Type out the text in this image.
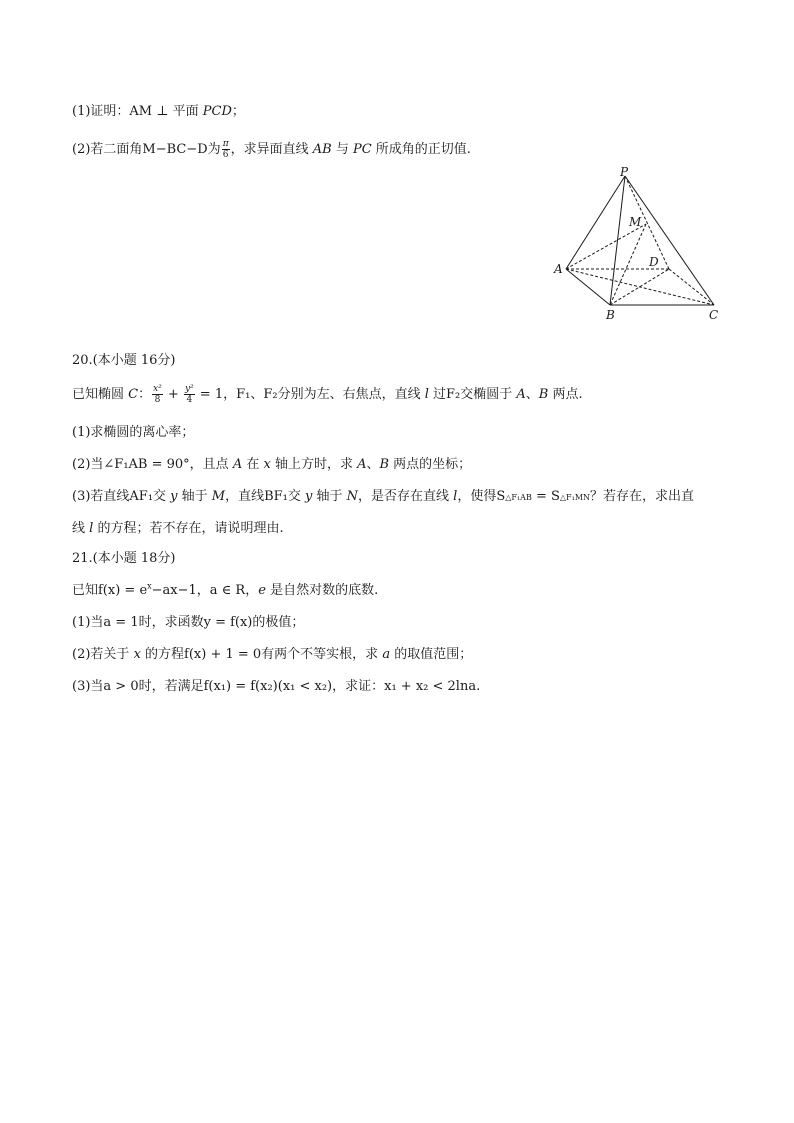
(1)证明：AM ⊥ 平面 PCD；
(2)若二面角M−BC−D为 $\frac{\pi}{6}$ ，求异面直线 AB 与 PC 所成角的正切值.
P
M
D
A
B	C
20.(本小题 16分)
已知椭圆 C： $\frac{\text{x²}}{8} + \frac{\text{y²}}{4} = 1$，F₁、F₂分别为左、右焦点，直线 l 过F₂交椭圆于 A、B 两点.
(1)求椭圆的离心率；
(2)当∠F₁AB = 90°，且点 A 在 x 轴上方时，求 A、B 两点的坐标；
(3)若直线AF₁交 y 轴于 M，直线BF₁交 y 轴于 N，是否存在直线 l，使得S△F₁AB = S△F₁MN？若存在，求出直
线 l 的方程；若不存在，请说明理由.
21.(本小题 18分)
已知$f(x) = e^x-ax-1$，a ∈ R，e 是自然对数的底数.
(1)当a = 1时，求函数y = f(x)的极值；
(2)若关于 x 的方程f(x) + 1 = 0有两个不等实根，求 a 的取值范围；
(3)当a > 0时，若满足f(x₁) = f(x₂)(x₁ < x₂)，求证：x₁ + x₂ < 2lna.
